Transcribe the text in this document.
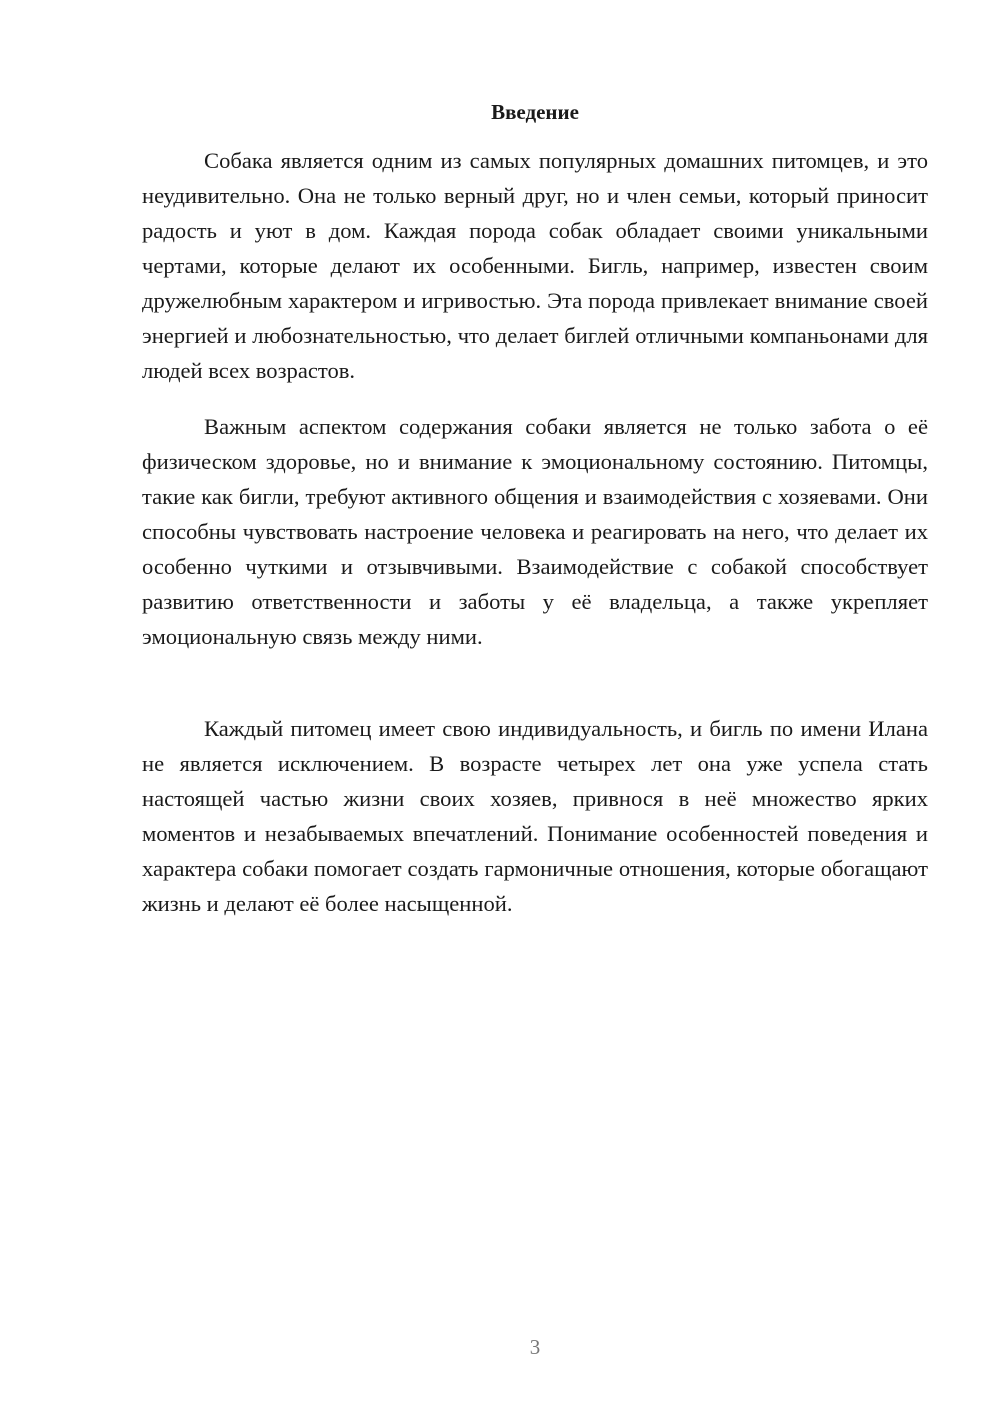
Введение

Собака является одним из самых популярных домашних питомцев, и это неудивительно. Она не только верный друг, но и член семьи, который приносит радость и уют в дом. Каждая порода собак обладает своими уникальными чертами, которые делают их особенными. Бигль, например, известен своим дружелюбным характером и игривостью. Эта порода привлекает внимание своей энергией и любознательностью, что делает биглей отличными компаньонами для людей всех возрастов.

Важным аспектом содержания собаки является не только забота о её физическом здоровье, но и внимание к эмоциональному состоянию. Питомцы, такие как бигли, требуют активного общения и взаимодействия с хозяевами. Они способны чувствовать настроение человека и реагировать на него, что делает их особенно чуткими и отзывчивыми. Взаимодействие с собакой способствует развитию ответственности и заботы у её владельца, а также укрепляет эмоциональную связь между ними.

Каждый питомец имеет свою индивидуальность, и бигль по имени Илана не является исключением. В возрасте четырех лет она уже успела стать настоящей частью жизни своих хозяев, привнося в неё множество ярких моментов и незабываемых впечатлений. Понимание особенностей поведения и характера собаки помогает создать гармоничные отношения, которые обогащают жизнь и делают её более насыщенной.

3
